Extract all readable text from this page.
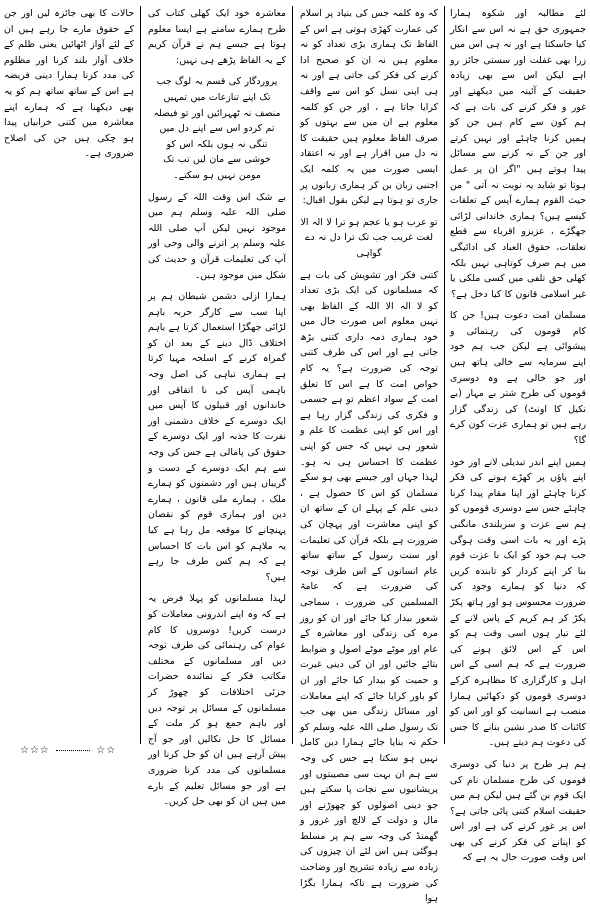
لئے مطالبہ اور شکوہ ہمارا جمہوری حق ہے نہ اس سے انکار کیا جاسکتا ہے اور نہ ہی اس میں زرا بھی غفلت اور سستی جائز رو اہے لیکن اس سے بھی زیادہ حقیقت کے آئینہ میں دیکھنے اور غور و فکر کرنے کی بات ہے کہ ہم کون سے کام ہیں جن کو ہمیں کرنا چاہئے اور نہیں کرتے اور جن کے نہ کرنے سے مسائل پیدا ہوتے ہیں "اگر ان پر عمل ہوتا تو شاید یہ نوبت نہ آتی " من حیث القوم ہمارے آپس کے تعلقات کیسے ہیں؟ ہماری خاندانی لڑائی جھگڑے ، عزیزو اقرباء سے قطع تعلقات، حقوق العباد کی ادائیگی میں ہم صرف کوتاہی نہیں بلکہ کھلی حق تلفی میں کسی ملکی یا غیر اسلامی قانون کا کیا دخل ہے؟

مسلمان امت دعوت ہیں! جن کا کام قوموں کی رہنمائی و پیشوائی ہے لیکن جب ہم خود اپنے سرمایہ سے خالی ہاتھ ہیں اور جو خالی ہے وہ دوسری قوموں کی طرح شتر بے مہار (بے نکیل کا اونٹ) کی زندگی گزار رہے ہیں تو ہماری عزت کون کرے گا؟

ہمیں اپنے اندر تبدیلی لانے اور خود اپنے پاؤں پر کھڑے ہونے کی فکر کرنا چاہئے اور اپنا مقام پیدا کرنا چاہئے جس سے دوسری قوموں کو ہم سے عزت و سربلندی مانگنی پڑے اور یہ بات اسی وقت ہوگی جب ہم خود کو ایک با عزت قوم بنا کر اپنے کردار کو تابندہ کریں کہ دنیا کو ہمارے وجود کی ضرورت محسوس ہو اور ہاتھ پکڑ پکڑ کر ہم کریم کے پاس لانے کے لئے تیار ہوں اسی وقت ہم کو اس کے اس لائق ہونے کی ضرورت ہے کہ ہم اسی کے اس اہل و کارگزاری کا مظاہرہ کرکے دوسری قوموں کو دکھائیں ہمارا منصب ہے انسانیت کو اور اس کو کائنات کا صدر نشین بنانے کا جس کی دعوت ہم دیتے ہیں۔

ہم ہر طرح پر دنیا کی دوسری قوموں کی طرح مسلمان نام کی ایک قوم بن گئے ہیں لیکن ہم میں حقیقت اسلام کتنی پائی جاتی ہے؟ اس پر غور کرنے کی ہے اور اس کو اپنانے کی فکر کرنے کی بھی اس وقت صورت حال یہ ہے کہ

کہ وہ کلمہ جس کی بنیاد پر اسلام کی عمارت کھڑی ہوتی ہے اس کے الفاظ تک ہماری بڑی تعداد کو نہ معلوم ہیں نہ ان کو صحیح ادا کرنے کی فکر کی جاتی ہے اور نہ ہی اپنی نسل کو اس سے واقف کرایا جاتا ہے ، اور جن کو کلمہ معلوم ہے ان میں سے بہتوں کو صرف الفاظ معلوم ہیں حقیقت کا نہ دل میں اقرار ہے اور نہ اعتقاد ایسی صورت میں یہ کلمہ ایک اجنبی زبان بن کر ہماری زبانوں پر جاری تو ہوتا ہے لیکن بقول اقبال:

تو عرب ہو یا عجم ہو ترا لا الہ الا
لغت غریب جب تک ترا دل نہ دے گواہی

کتنی فکر اور تشویش کی بات ہے کہ مسلمانوں کی ایک بڑی تعداد کو لا الہ الا اللہ کے الفاظ بھی نہیں معلوم اس صورت حال میں خود ہماری ذمہ داری کتنی بڑھ جاتی ہے اور اس کی طرف کتنی توجہ کی ضرورت ہے؟ یہ کام خواص امت کا ہے اس کا تعلق امت کے سواد اعظم تو ہے جسمی و فکری کی زندگی گزار رہا ہے اور اس کو اپنی عظمت کا علم و شعور ہی نہیں کہ جس کو اپنی عظمت کا احساس ہی نہ ہو۔ لہذا جہاں اور جیسے بھی ہو سکے مسلمان کو اس کا حصول ہے ، دینی علم کے پہلے ان کے ساتھ ان کو اپنی معاشرت اور پہچان کی ضرورت ہے بلکہ قرآن کی تعلیمات اور سنت رسول کے ساتھ ساتھ عام انسانوں کے اس طرف توجہ کی ضرورت ہے کہ عامۃ المسلمین کی ضرورت ، سماجی شعور بیدار کیا جائے اور ان کو روز مرہ کی زندگی اور معاشرہ کے عام اور موٹے موٹے اصول و ضوابط بتائے جائیں اور ان کی دینی غیرت و حمیت کو بیدار کیا جائے اور ان کو باور کرایا جائے کہ اپنے معاملات اور مسائل زندگی میں بھی جب تک رسول صلی اللہ علیہ وسلم کو حکم نہ بنایا جائے ہمارا دین کامل نہیں ہو سکتا ہے جس کی وجہ سے ہم ان بہت سی مصیبتوں اور پریشانیوں سے نجات پا سکتے ہیں جو دینی اصولوں کو چھوڑنے اور مال و دولت کے لالچ اور غرور و گھمنڈ کی وجہ سے ہم پر مسلط ہوگئی ہیں اس لئے ان چیزوں کی زیادہ سے زیادہ تشریح اور وضاحت کی ضرورت ہے تاکہ ہمارا بگڑا ہوا

معاشرہ خود ایک کھلی کتاب کی طرح ہمارے سامنے ہے ایسا معلوم ہوتا ہے جیسے ہم نے قرآن کریم کے یہ الفاظ پڑھے ہی نہیں:

پروردگار کی قسم یہ لوگ جب تک اپنے تنازعات میں تمہیں منصف نہ ٹھہرائیں اور تو فیصلہ تم کردو اس سے اپنے دل میں تنگی نہ ہوں بلکہ اس کو خوشی سے مان لیں تب تک مومن نہیں ہو سکتے۔

بے شک اس وقت اللہ کے رسول صلی اللہ علیہ وسلم ہم میں موجود نہیں لیکن آپ صلی اللہ علیہ وسلم پر اترنے والی وحی اور آپ کی تعلیمات قرآن و حدیث کی شکل میں موجود ہیں۔

ہمارا ازلی دشمن شیطان ہم پر اپنا سب سے کارگر حربہ باہم لڑائی جھگڑا استعمال کرتا ہے باہم اختلاف ڈال دینے کے بعد ان کو گمراہ کرنے کے اسلحہ مہیا کرتا ہے ہماری تباہی کی اصل وجہ باہمی آپس کی نا اتفاقی اور خاندانوں اور قبیلوں کا آپس میں ایک دوسرے کے خلاف دشمنی اور نفرت کا جذبہ اور ایک دوسرے کے حقوق کی پامالی ہے جس کی وجہ سے ہم ایک دوسرے کے دست و گریباں ہیں اور دشمنوں کو ہمارے ملک ، ہمارے ملی قانون ، ہمارے دین اور ہماری قوم کو نقصان پہنچانے کا موقعہ مل رہا ہے کیا یہ ملاہم کو اس بات کا احساس ہے کہ ہم کس طرف جا رہے ہیں؟

لہذا مسلمانوں کو پہلا فرض یہ ہے کہ وہ اپنے اندرونی معاملات کو درست کریں! دوسروں کا کام عوام کی رہنمائی کی طرف توجہ دیں اور مسلمانوں کے مختلف مکاتب فکر کے نمائندہ حضرات جزئی اختلافات کو چھوڑ کر مسلمانوں کے مسائل پر توجہ دیں اور باہم جمع ہو کر ملت کے مسائل کا حل نکالیں اور جو آج پیش آرہے ہیں ان کو حل کرنا اور مسلمانوں کی مدد کرنا ضروری ہے اور جو مسائل تعلیم کے بارے میں ہیں ان کو بھی حل کریں۔

حالات کا بھی جائزہ لیں اور جن کے حقوق مارے جا رہے ہیں ان کے لئے آواز اٹھائیں یعنی ظلم کے خلاف آواز بلند کرنا اور مظلوم کی مدد کرنا ہمارا دینی فریضہ ہے اس کے ساتھ ساتھ ہم کو یہ بھی دیکھنا ہے کہ ہمارے اپنے معاشرہ میں کتنی خرابیاں پیدا ہو چکی ہیں جن کی اصلاح ضروری ہے۔

☆☆  ☆☆☆
